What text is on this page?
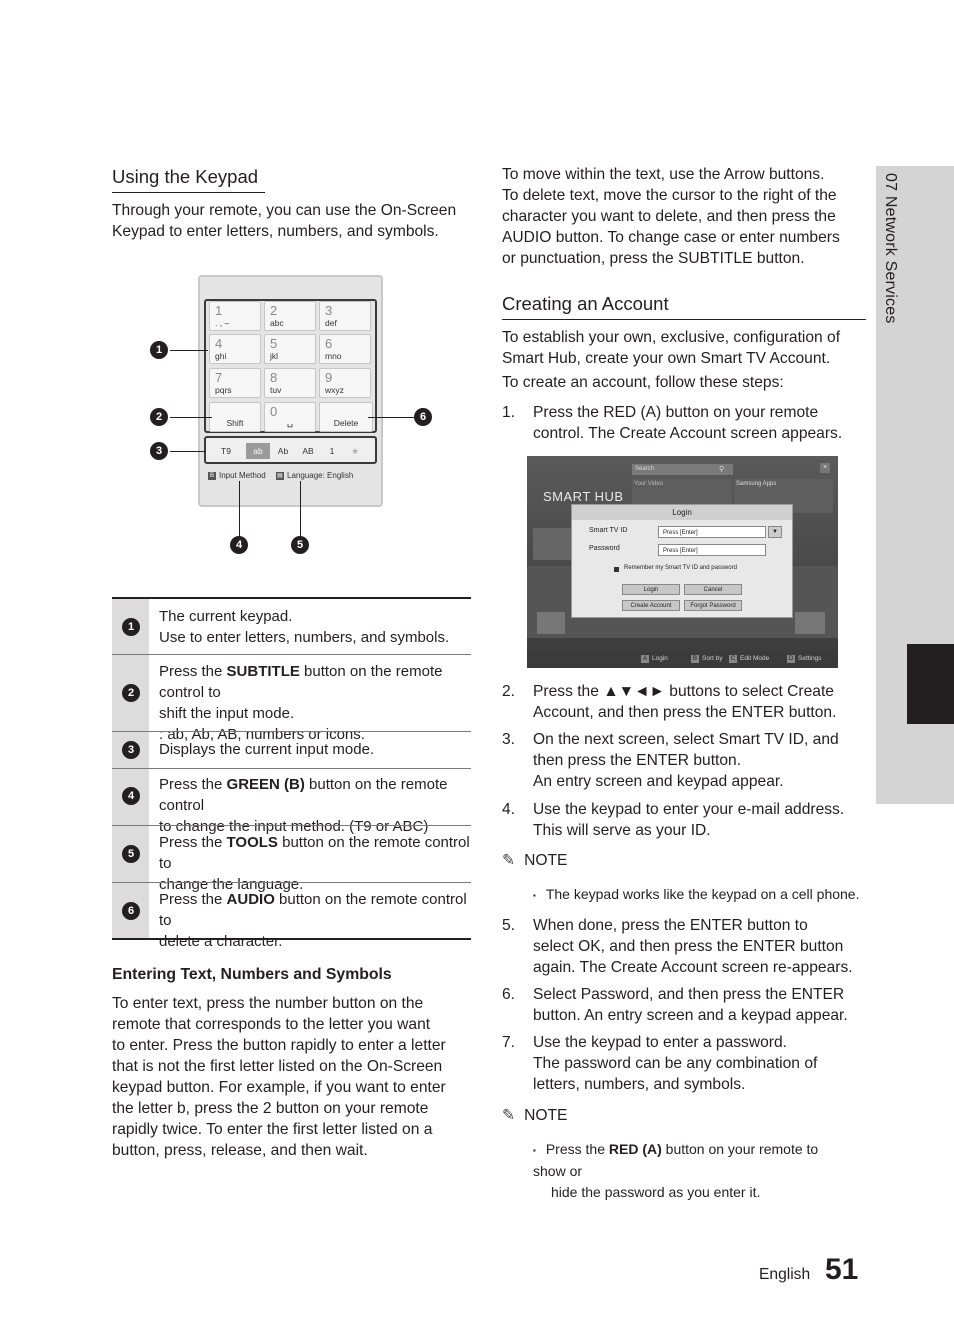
Using the Keypad
Through your remote, you can use the On-Screen Keypad to enter letters, numbers, and symbols.
1
. , –
2
abc
3
def
4
ghi
5
jkl
6
mno
7
pqrs
8
tuv
9
wxyz
Shift
0
␣	Delete
T9	ab	Ab	AB	1	★
B Input Method ▤ Language: English
1
2
3
4	5
6
1
The current keypad.
Use to enter letters, numbers, and symbols.
2
Press the SUBTITLE button on the remote control to
shift the input mode.
: ab, Ab, AB, numbers or icons.
3	Displays the current input mode.
4
Press the GREEN (B) button on the remote control
to change the input method. (T9 or ABC)
5
Press the TOOLS button on the remote control to
change the language.
6
Press the AUDIO button on the remote control to
delete a character.
Entering Text, Numbers and Symbols
To enter text, press the number button on the
remote that corresponds to the letter you want
to enter. Press the button rapidly to enter a letter
that is not the first letter listed on the On-Screen
keypad button. For example, if you want to enter
the letter b, press the 2 button on your remote
rapidly twice. To enter the first letter listed on a
button, press, release, and then wait.
To move within the text, use the Arrow buttons.
To delete text, move the cursor to the right of the
character you want to delete, and then press the
AUDIO button. To change case or enter numbers
or punctuation, press the SUBTITLE button.
Creating an Account
To establish your own, exclusive, configuration of
Smart Hub, create your own Smart TV Account.
To create an account, follow these steps:
1. Press the RED (A) button on your remote
control. The Create Account screen appears.
Search	⚲	×
Your Video	Samsung Apps
SMART HUB
Login
Smart TV ID	Press [Enter]	▼
Password	Press [Enter]
Remember my Smart TV ID and password
Login	Cancel
Create Account	Forgot Password
A Login	B Sort by	C Edit Mode	D Settings
2. Press the ▲▼◄► buttons to select Create
Account, and then press the ENTER button.
3. On the next screen, select Smart TV ID, and
then press the ENTER button.
An entry screen and keypad appear.
4. Use the keypad to enter your e-mail address.
This will serve as your ID.
✎ NOTE
▪ The keypad works like the keypad on a cell phone.
5. When done, press the ENTER button to
select OK, and then press the ENTER button
again. The Create Account screen re-appears.
6. Select Password, and then press the ENTER
button. An entry screen and a keypad appear.
7. Use the keypad to enter a password.
The password can be any combination of
letters, numbers, and symbols.
✎ NOTE
▪ Press the RED (A) button on your remote to show or
hide the password as you enter it.
07 Network Services
English 51
